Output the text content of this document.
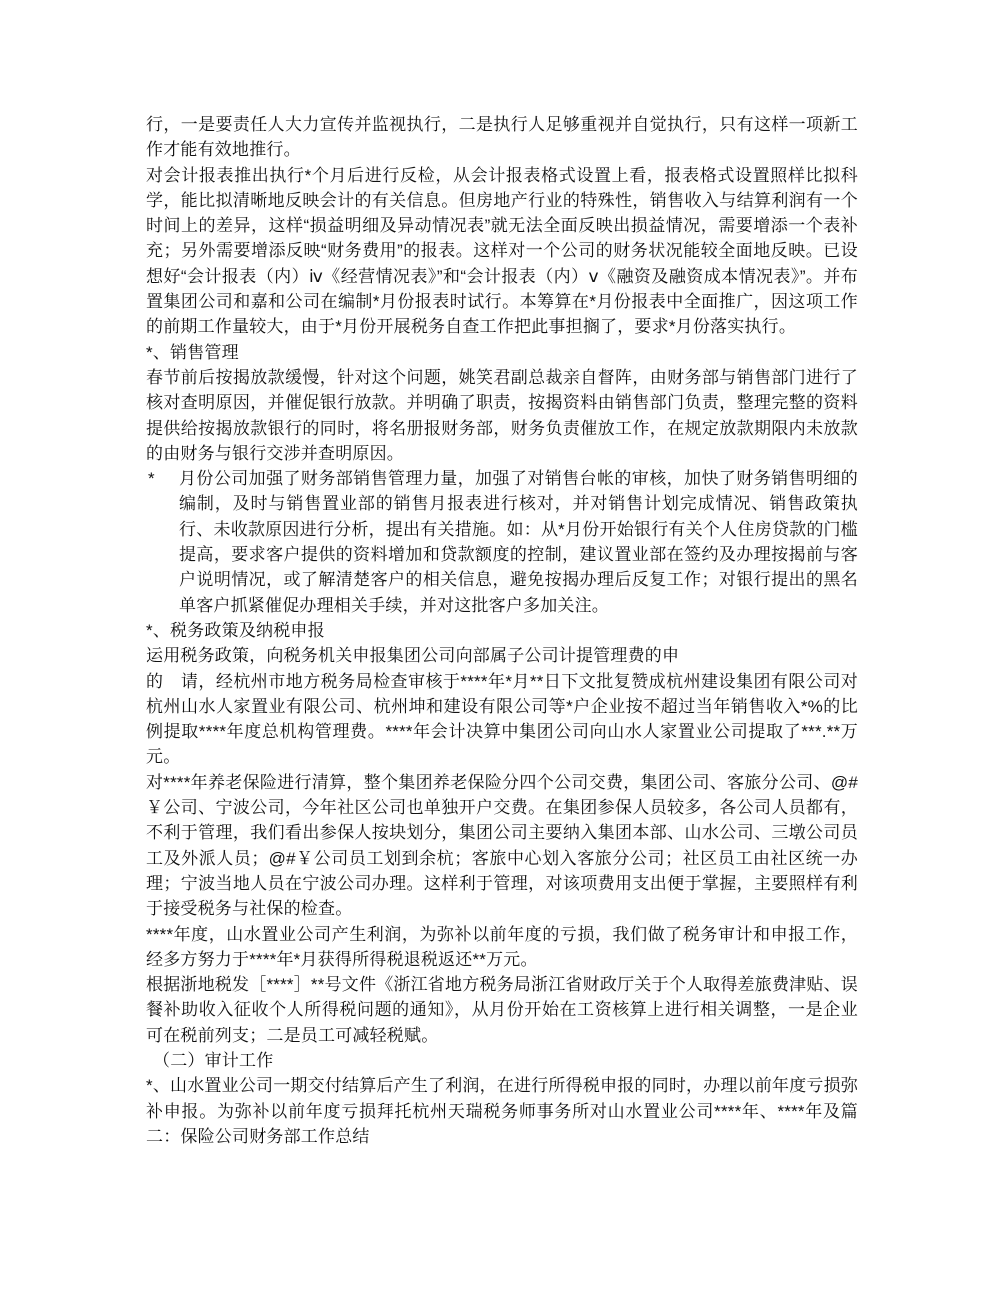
行，一是要责任人大力宣传并监视执行，二是执行人足够重视并自觉执行，只有这样一项新工作才能有效地推行。
对会计报表推出执行*个月后进行反检，从会计报表格式设置上看，报表格式设置照样比拟科学，能比拟清晰地反映会计的有关信息。但房地产行业的特殊性，销售收入与结算利润有一个时间上的差异，这样“损益明细及异动情况表”就无法全面反映出损益情况，需要增添一个表补充；另外需要增添反映“财务费用”的报表。这样对一个公司的财务状况能较全面地反映。已设想好“会计报表（内）ⅳ《经营情况表》”和“会计报表（内）ⅴ《融资及融资成本情况表》”。并布置集团公司和嘉和公司在编制*月份报表时试行。本筹算在*月份报表中全面推广，因这项工作的前期工作量较大，由于*月份开展税务自查工作把此事担搁了，要求*月份落实执行。
*、销售管理
春节前后按揭放款缓慢，针对这个问题，姚笑君副总裁亲自督阵，由财务部与销售部门进行了核对查明原因，并催促银行放款。并明确了职责，按揭资料由销售部门负责，整理完整的资料提供给按揭放款银行的同时，将名册报财务部，财务负责催放工作，在规定放款期限内未放款的由财务与银行交涉并查明原因。
* 月份公司加强了财务部销售管理力量，加强了对销售台帐的审核，加快了财务销售明细的编制，及时与销售置业部的销售月报表进行核对，并对销售计划完成情况、销售政策执行、未收款原因进行分析，提出有关措施。如：从*月份开始银行有关个人住房贷款的门槛提高，要求客户提供的资料增加和贷款额度的控制，建议置业部在签约及办理按揭前与客户说明情况，或了解清楚客户的相关信息，避免按揭办理后反复工作；对银行提出的黑名单客户抓紧催促办理相关手续，并对这批客户多加关注。
*、税务政策及纳税申报
运用税务政策，向税务机关申报集团公司向部属子公司计提管理费的申
的　请，经杭州市地方税务局检查审核于****年*月**日下文批复赞成杭州建设集团有限公司对杭州山水人家置业有限公司、杭州坤和建设有限公司等*户企业按不超过当年销售收入*%的比例提取****年度总机构管理费。****年会计决算中集团公司向山水人家置业公司提取了***.**万元。
对****年养老保险进行清算，整个集团养老保险分四个公司交费，集团公司、客旅分公司、@#￥公司、宁波公司，今年社区公司也单独开户交费。在集团参保人员较多，各公司人员都有，不利于管理，我们看出参保人按块划分，集团公司主要纳入集团本部、山水公司、三墩公司员工及外派人员；@#￥公司员工划到余杭；客旅中心划入客旅分公司；社区员工由社区统一办理；宁波当地人员在宁波公司办理。这样利于管理，对该项费用支出便于掌握，主要照样有利于接受税务与社保的检查。
****年度，山水置业公司产生利润，为弥补以前年度的亏损，我们做了税务审计和申报工作，经多方努力于****年*月获得所得税退税返还**万元。
根据浙地税发［****］**号文件《浙江省地方税务局浙江省财政厅关于个人取得差旅费津贴、误餐补助收入征收个人所得税问题的通知》，从月份开始在工资核算上进行相关调整，一是企业可在税前列支；二是员工可减轻税赋。
（二）审计工作
*、山水置业公司一期交付结算后产生了利润，在进行所得税申报的同时，办理以前年度亏损弥补申报。为弥补以前年度亏损拜托杭州天瑞税务师事务所对山水置业公司****年、****年及篇二：保险公司财务部工作总结
